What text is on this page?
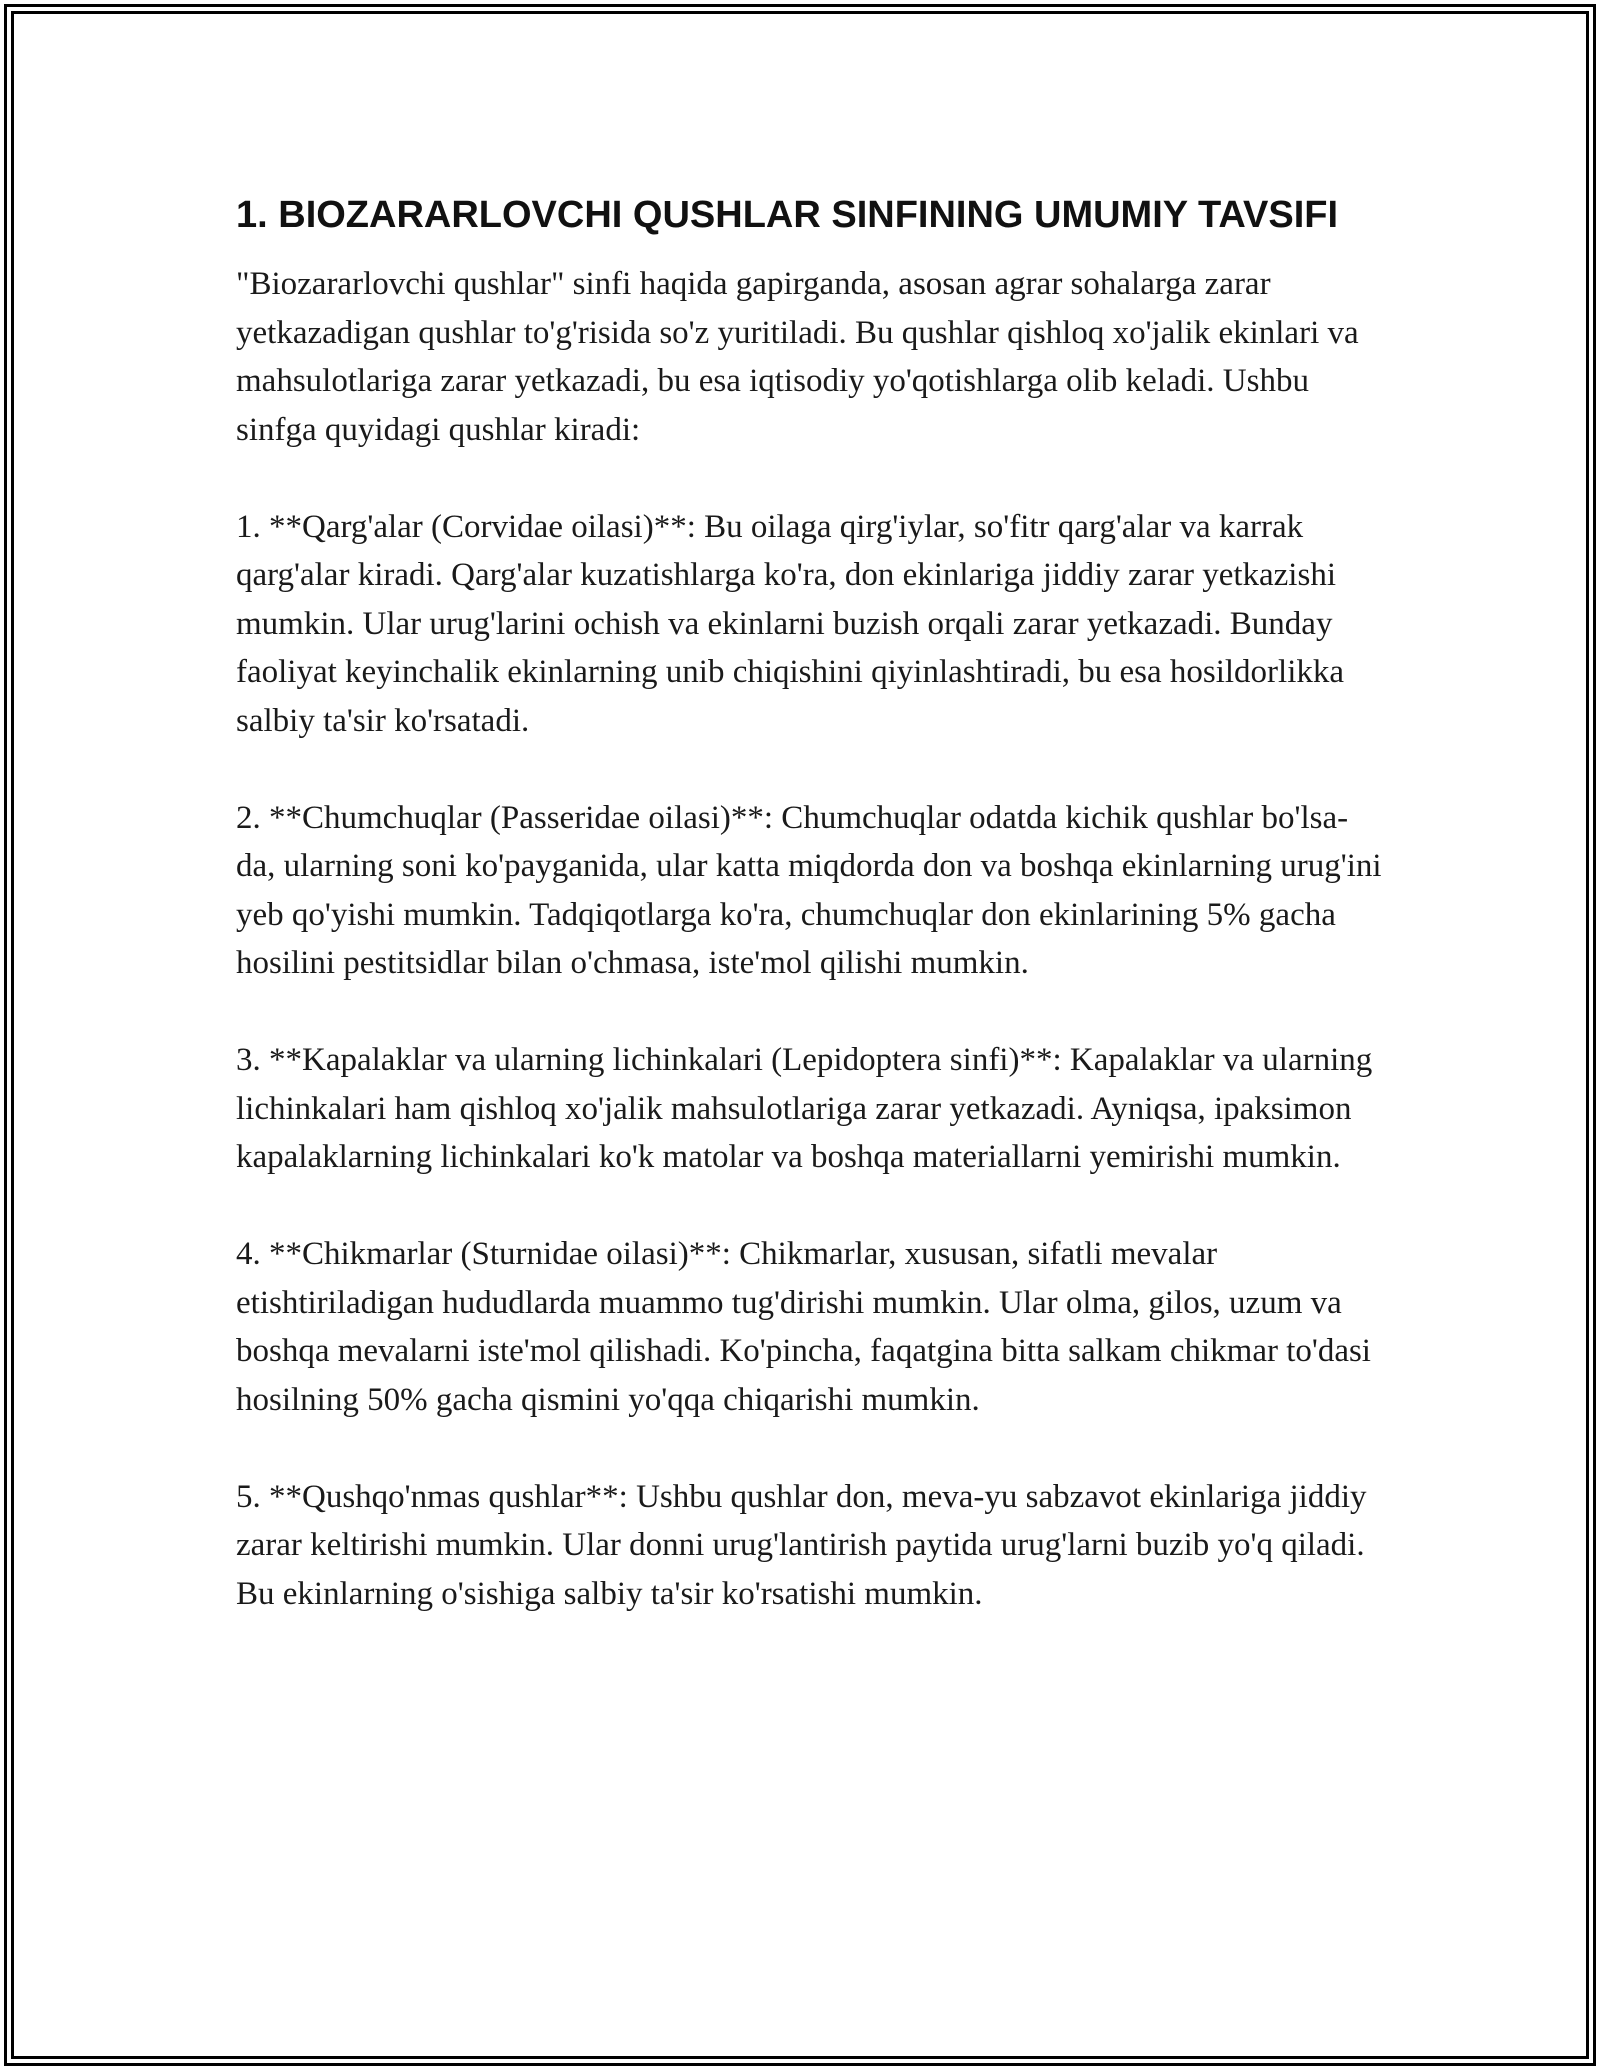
1. BIOZARARLOVCHI QUSHLAR SINFINING UMUMIY TAVSIFI

"Biozararlovchi qushlar" sinfi haqida gapirganda, asosan agrar sohalarga zarar yetkazadigan qushlar to'g'risida so'z yuritiladi. Bu qushlar qishloq xo'jalik ekinlari va mahsulotlariga zarar yetkazadi, bu esa iqtisodiy yo'qotishlarga olib keladi. Ushbu sinfga quyidagi qushlar kiradi:

1. **Qarg'alar (Corvidae oilasi)**: Bu oilaga qirg'iylar, so'fitr qarg'alar va karrak qarg'alar kiradi. Qarg'alar kuzatishlarga ko'ra, don ekinlariga jiddiy zarar yetkazishi mumkin. Ular urug'larini ochish va ekinlarni buzish orqali zarar yetkazadi. Bunday faoliyat keyinchalik ekinlarning unib chiqishini qiyinlashtiradi, bu esa hosildorlikka salbiy ta'sir ko'rsatadi.

2. **Chumchuqlar (Passeridae oilasi)**: Chumchuqlar odatda kichik qushlar bo'lsa-da, ularning soni ko'payganida, ular katta miqdorda don va boshqa ekinlarning urug'ini yeb qo'yishi mumkin. Tadqiqotlarga ko'ra, chumchuqlar don ekinlarining 5% gacha hosilini pestitsidlar bilan o'chmasa, iste'mol qilishi mumkin.

3. **Kapalaklar va ularning lichinkalari (Lepidoptera sinfi)**: Kapalaklar va ularning lichinkalari ham qishloq xo'jalik mahsulotlariga zarar yetkazadi. Ayniqsa, ipaksimon kapalaklarning lichinkalari ko'k matolar va boshqa materiallarni yemirishi mumkin.

4. **Chikmarlar (Sturnidae oilasi)**: Chikmarlar, xususan, sifatli mevalar etishtiriladigan hududlarda muammo tug'dirishi mumkin. Ular olma, gilos, uzum va boshqa mevalarni iste'mol qilishadi. Ko'pincha, faqatgina bitta salkam chikmar to'dasi hosilning 50% gacha qismini yo'qqa chiqarishi mumkin.

5. **Qushqo'nmas qushlar**: Ushbu qushlar don, meva-yu sabzavot ekinlariga jiddiy zarar keltirishi mumkin. Ular donni urug'lantirish paytida urug'larni buzib yo'q qiladi. Bu ekinlarning o'sishiga salbiy ta'sir ko'rsatishi mumkin.
